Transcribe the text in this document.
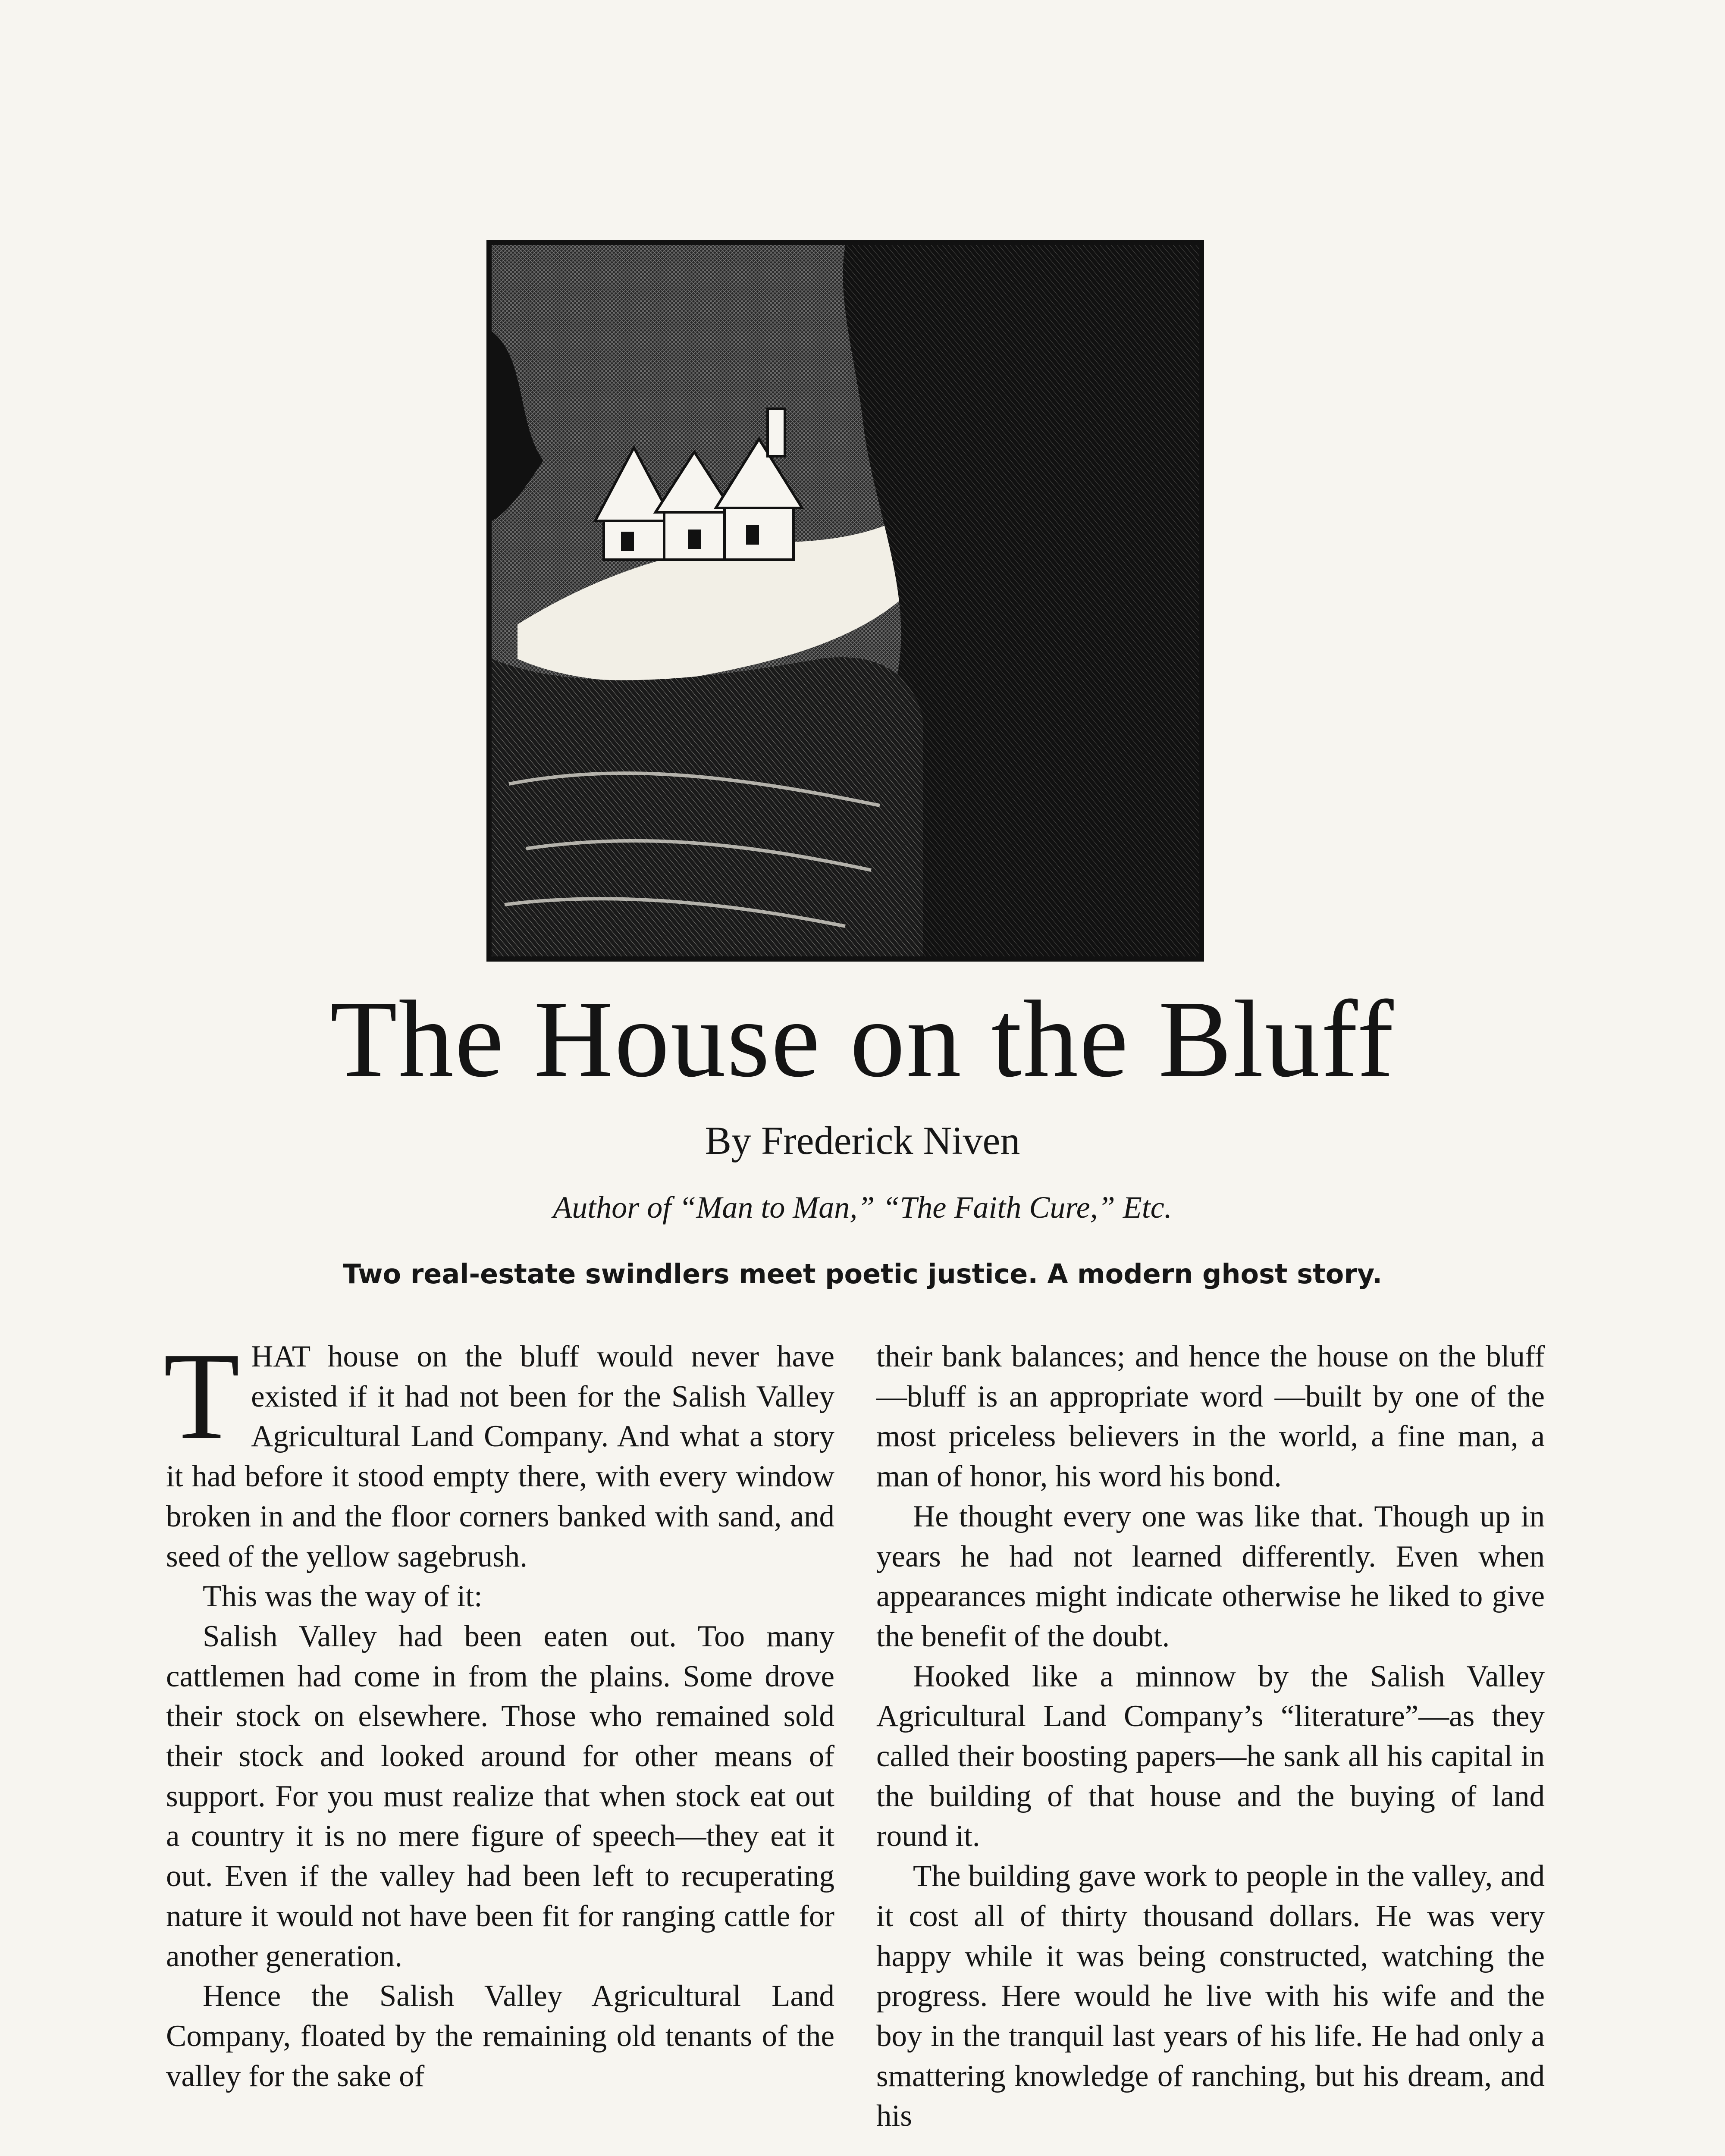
The House on the Bluff

By Frederick Niven

Author of “Man to Man,” “The Faith Cure,” Etc.

Two real-estate swindlers meet poetic justice. A modern ghost story.

THAT house on the bluff would never have existed if it had not been for the Salish Valley Agricultural Land Company. And what a story it had before it stood empty there, with every window broken in and the floor corners banked with sand, and seed of the yellow sagebrush.

This was the way of it:

Salish Valley had been eaten out. Too many cattlemen had come in from the plains. Some drove their stock on elsewhere. Those who remained sold their stock and looked around for other means of support. For you must realize that when stock eat out a country it is no mere figure of speech—they eat it out. Even if the valley had been left to recuperating nature it would not have been fit for ranging cattle for another generation.

Hence the Salish Valley Agricultural Land Company, floated by the remaining old tenants of the valley for the sake of

their bank balances; and hence the house on the bluff—bluff is an appropriate word —built by one of the most priceless believers in the world, a fine man, a man of honor, his word his bond.

He thought every one was like that. Though up in years he had not learned differently. Even when appearances might indicate otherwise he liked to give the benefit of the doubt.

Hooked like a minnow by the Salish Valley Agricultural Land Company’s “literature”—as they called their boosting papers—he sank all his capital in the building of that house and the buying of land round it.

The building gave work to people in the valley, and it cost all of thirty thousand dollars. He was very happy while it was being constructed, watching the progress. Here would he live with his wife and the boy in the tranquil last years of his life. He had only a smattering knowledge of ranching, but his dream, and his
